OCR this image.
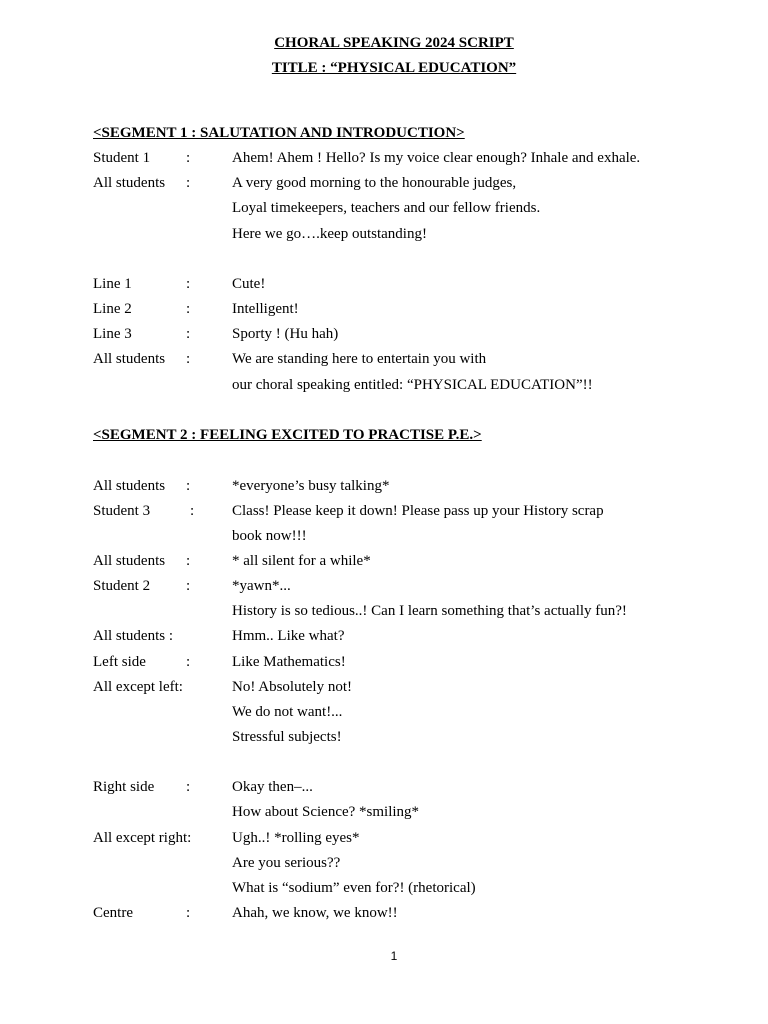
CHORAL SPEAKING 2024 SCRIPT
TITLE : “PHYSICAL EDUCATION”
<SEGMENT 1 : SALUTATION AND INTRODUCTION>
Student 1 :	Ahem! Ahem ! Hello? Is my voice clear enough? Inhale and exhale.
All students :	A very good morning to the honourable judges,
Loyal timekeepers, teachers and our fellow friends.
Here we go….keep outstanding!
Line 1	:	Cute!
Line 2	:	Intelligent!
Line 3	:	Sporty ! (Hu hah)
All students :	We are standing here to entertain you with
our choral speaking entitled: “PHYSICAL EDUCATION”!!
<SEGMENT 2 : FEELING EXCITED TO PRACTISE P.E.>
All students :	*everyone’s busy talking*
Student 3	:	Class! Please keep it down! Please pass up your History scrap
book now!!!
All students :	* all silent for a while*
Student 2 :	*yawn*...
History is so tedious..! Can I learn something that’s actually fun?!
All students :	Hmm.. Like what?
Left side	:	Like Mathematics!
All except left:	No! Absolutely not!
We do not want!...
Stressful subjects!
Right side :	Okay then–...
How about Science? *smiling*
All except right:	Ugh..! *rolling eyes*
Are you serious??
What is “sodium” even for?! (rhetorical)
Centre	:	Ahah, we know, we know!!
1
